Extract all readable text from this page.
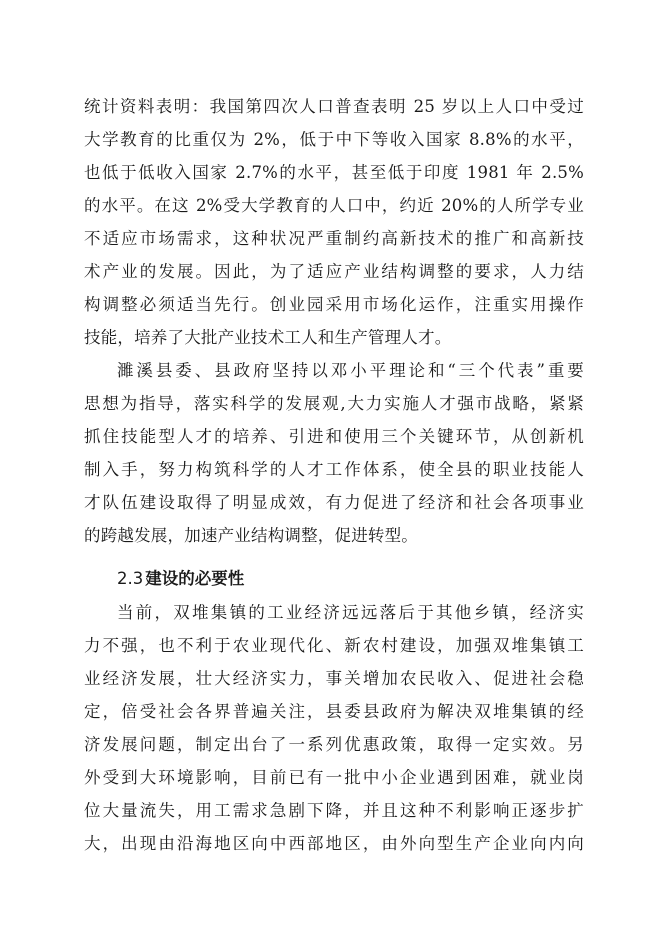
统计资料表明：我国第四次人口普查表明 25 岁以上人口中受过
大学教育的比重仅为 2%，低于中下等收入国家 8.8%的水平，
也低于低收入国家 2.7%的水平，甚至低于印度 1981 年 2.5%
的水平。在这 2%受大学教育的人口中，约近 20%的人所学专业
不适应市场需求，这种状况严重制约高新技术的推广和高新技
术产业的发展。因此，为了适应产业结构调整的要求，人力结
构调整必须适当先行。创业园采用市场化运作，注重实用操作
技能，培养了大批产业技术工人和生产管理人才。
濉溪县委、县政府坚持以邓小平理论和“三个代表”重要
思想为指导，落实科学的发展观,大力实施人才强市战略，紧紧
抓住技能型人才的培养、引进和使用三个关键环节，从创新机
制入手，努力构筑科学的人才工作体系，使全县的职业技能人
才队伍建设取得了明显成效，有力促进了经济和社会各项事业
的跨越发展，加速产业结构调整，促进转型。
2.3 建设的必要性
当前，双堆集镇的工业经济远远落后于其他乡镇，经济实
力不强，也不利于农业现代化、新农村建设，加强双堆集镇工
业经济发展，壮大经济实力，事关增加农民收入、促进社会稳
定，倍受社会各界普遍关注，县委县政府为解决双堆集镇的经
济发展问题，制定出台了一系列优惠政策，取得一定实效。另
外受到大环境影响，目前已有一批中小企业遇到困难，就业岗
位大量流失，用工需求急剧下降，并且这种不利影响正逐步扩
大，出现由沿海地区向中西部地区，由外向型生产企业向内向
